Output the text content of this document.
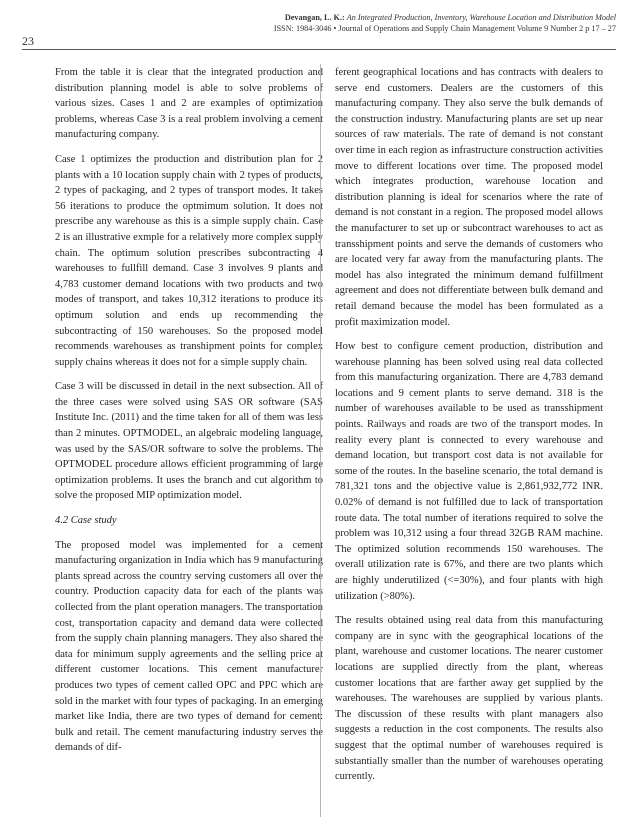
23
Devangan, L. K.: An Integrated Production, Inventory, Warehouse Location and Distribution Model
ISSN: 1984-3046 • Journal of Operations and Supply Chain Management Volume 9 Number 2 p 17 – 27

From the table it is clear that the integrated production and distribution planning model is able to solve problems of various sizes. Cases 1 and 2 are examples of optimization problems, whereas Case 3 is a real problem involving a cement manufacturing company.

Case 1 optimizes the production and distribution plan for 2 plants with a 10 location supply chain with 2 types of products, 2 types of packaging, and 2 types of transport modes. It takes 56 iterations to produce the optmimum solution. It does not prescribe any warehouse as this is a simple supply chain. Case 2 is an illustrative exmple for a relatively more complex supply chain. The optimum solution prescribes subcontracting 4 warehouses to fullfill demand. Case 3 involves 9 plants and 4,783 customer demand locations with two products and two modes of transport, and takes 10,312 iterations to produce its optimum solution and ends up recommending the subcontracting of 150 warehouses. So the proposed model recommends warehouses as transhipment points for complex supply chains whereas it does not for a simple supply chain.

Case 3 will be discussed in detail in the next subsection. All of the three cases were solved using SAS OR software (SAS Institute Inc. (2011) and the time taken for all of them was less than 2 minutes. OPTMODEL, an algebraic modeling language, was used by the SAS/OR software to solve the problems. The OPTMODEL procedure allows efficient programming of large optimization problems. It uses the branch and cut algorithm to solve the proposed MIP optimization model.

4.2 Case study

The proposed model was implemented for a cement manufacturing organization in India which has 9 manufacturing plants spread across the country serving customers all over the country. Production capacity data for each of the plants was collected from the plant operation managers. The transportation cost, transportation capacity and demand data were collected from the supply chain planning managers. They also shared the data for minimum supply agreements and the selling price at different customer locations. This cement manufacturer produces two types of cement called OPC and PPC which are sold in the market with four types of packaging. In an emerging market like India, there are two types of demand for cement: bulk and retail. The cement manufacturing industry serves the demands of dif-

ferent geographical locations and has contracts with dealers to serve end customers. Dealers are the customers of this manufacturing company. They also serve the bulk demands of the construction industry. Manufacturing plants are set up near sources of raw materials. The rate of demand is not constant over time in each region as infrastructure construction activities move to different locations over time. The proposed model which integrates production, warehouse location and distribution planning is ideal for scenarios where the rate of demand is not constant in a region. The proposed model allows the manufacturer to set up or subcontract warehouses to act as transshipment points and serve the demands of customers who are located very far away from the manufacturing plants. The model has also integrated the minimum demand fulfillment agreement and does not differentiate between bulk demand and retail demand because the model has been formulated as a profit maximization model.

How best to configure cement production, distribution and warehouse planning has been solved using real data collected from this manufacturing organization. There are 4,783 demand locations and 9 cement plants to serve demand. 318 is the number of warehouses available to be used as transshipment points. Railways and roads are two of the transport modes. In reality every plant is connected to every warehouse and demand location, but transport cost data is not available for some of the routes. In the baseline scenario, the total demand is 781,321 tons and the objective value is 2,861,932,772 INR. 0.02% of demand is not fulfilled due to lack of transportation route data. The total number of iterations required to solve the problem was 10,312 using a four thread 32GB RAM machine. The optimized solution recommends 150 warehouses. The overall utilization rate is 67%, and there are two plants which are highly underutilized (<=30%), and four plants with high utilization (>80%).

The results obtained using real data from this manufacturing company are in sync with the geographical locations of the plant, warehouse and customer locations. The nearer customer locations are supplied directly from the plant, whereas customer locations that are farther away get supplied by the warehouses. The warehouses are supplied by various plants. The discussion of these results with plant managers also suggests a reduction in the cost components. The results also suggest that the optimal number of warehouses required is substantially smaller than the number of warehouses operating currently.
